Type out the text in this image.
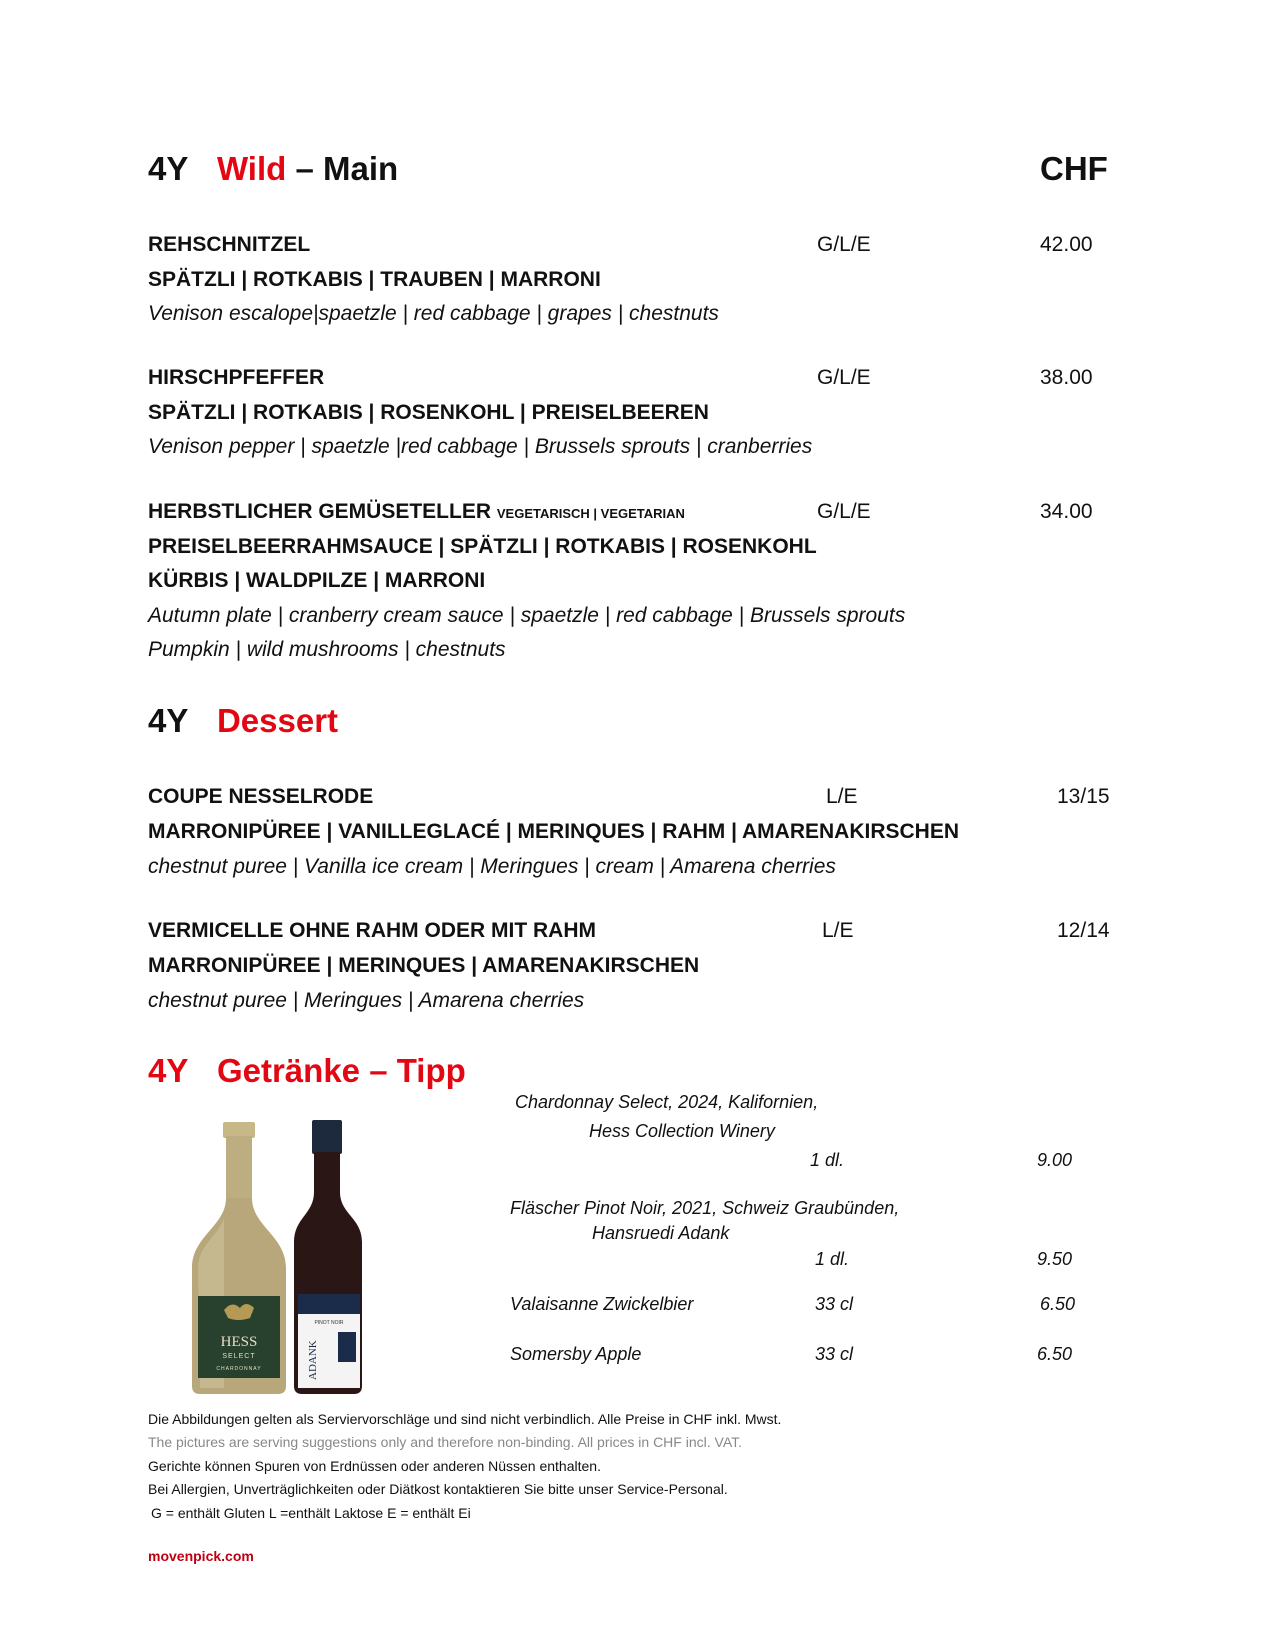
4Y Wild – Main	CHF
REHSCHNITZEL	G/L/E	42.00
SPÄTZLI | ROTKABIS | TRAUBEN | MARRONI
Venison escalope|spaetzle | red cabbage | grapes | chestnuts
HIRSCHPFEFFER	G/L/E	38.00
SPÄTZLI | ROTKABIS | ROSENKOHL | PREISELBEEREN
Venison pepper | spaetzle |red cabbage | Brussels sprouts | cranberries
HERBSTLICHER GEMÜSETELLER VEGETARISCH | VEGETARIAN	G/L/E	34.00
PREISELBEERRAHMSAUCE | SPÄTZLI | ROTKABIS | ROSENKOHL
KÜRBIS | WALDPILZE | MARRONI
Autumn plate | cranberry cream sauce | spaetzle | red cabbage | Brussels sprouts
Pumpkin | wild mushrooms | chestnuts
4Y Dessert
COUPE NESSELRODE	L/E	13/15
MARRONIPÜREE | VANILLEGLACÉ | MERINQUES | RAHM | AMARENAKIRSCHEN
chestnut puree | Vanilla ice cream | Meringues | cream | Amarena cherries
VERMICELLE OHNE RAHM ODER MIT RAHM	L/E	12/14
MARRONIPÜREE | MERINQUES | AMARENAKIRSCHEN
chestnut puree | Meringues | Amarena cherries
4Y Getränke – Tipp
HESS
SELECT
CHARDONNAY
PINOT NOIR
ADANK
Chardonnay Select, 2024, Kalifornien,
Hess Collection Winery
1 dl.	9.00
Fläscher Pinot Noir, 2021, Schweiz Graubünden,
Hansruedi Adank
1 dl.	9.50
Valaisanne Zwickelbier	33 cl	6.50
Somersby Apple	33 cl	6.50
Die Abbildungen gelten als Serviervorschläge und sind nicht verbindlich. Alle Preise in CHF inkl. Mwst.
The pictures are serving suggestions only and therefore non-binding. All prices in CHF incl. VAT.
Gerichte können Spuren von Erdnüssen oder anderen Nüssen enthalten.
Bei Allergien, Unverträglichkeiten oder Diätkost kontaktieren Sie bitte unser Service-Personal.
G = enthält Gluten L =enthält Laktose E = enthält Ei
movenpick.com
